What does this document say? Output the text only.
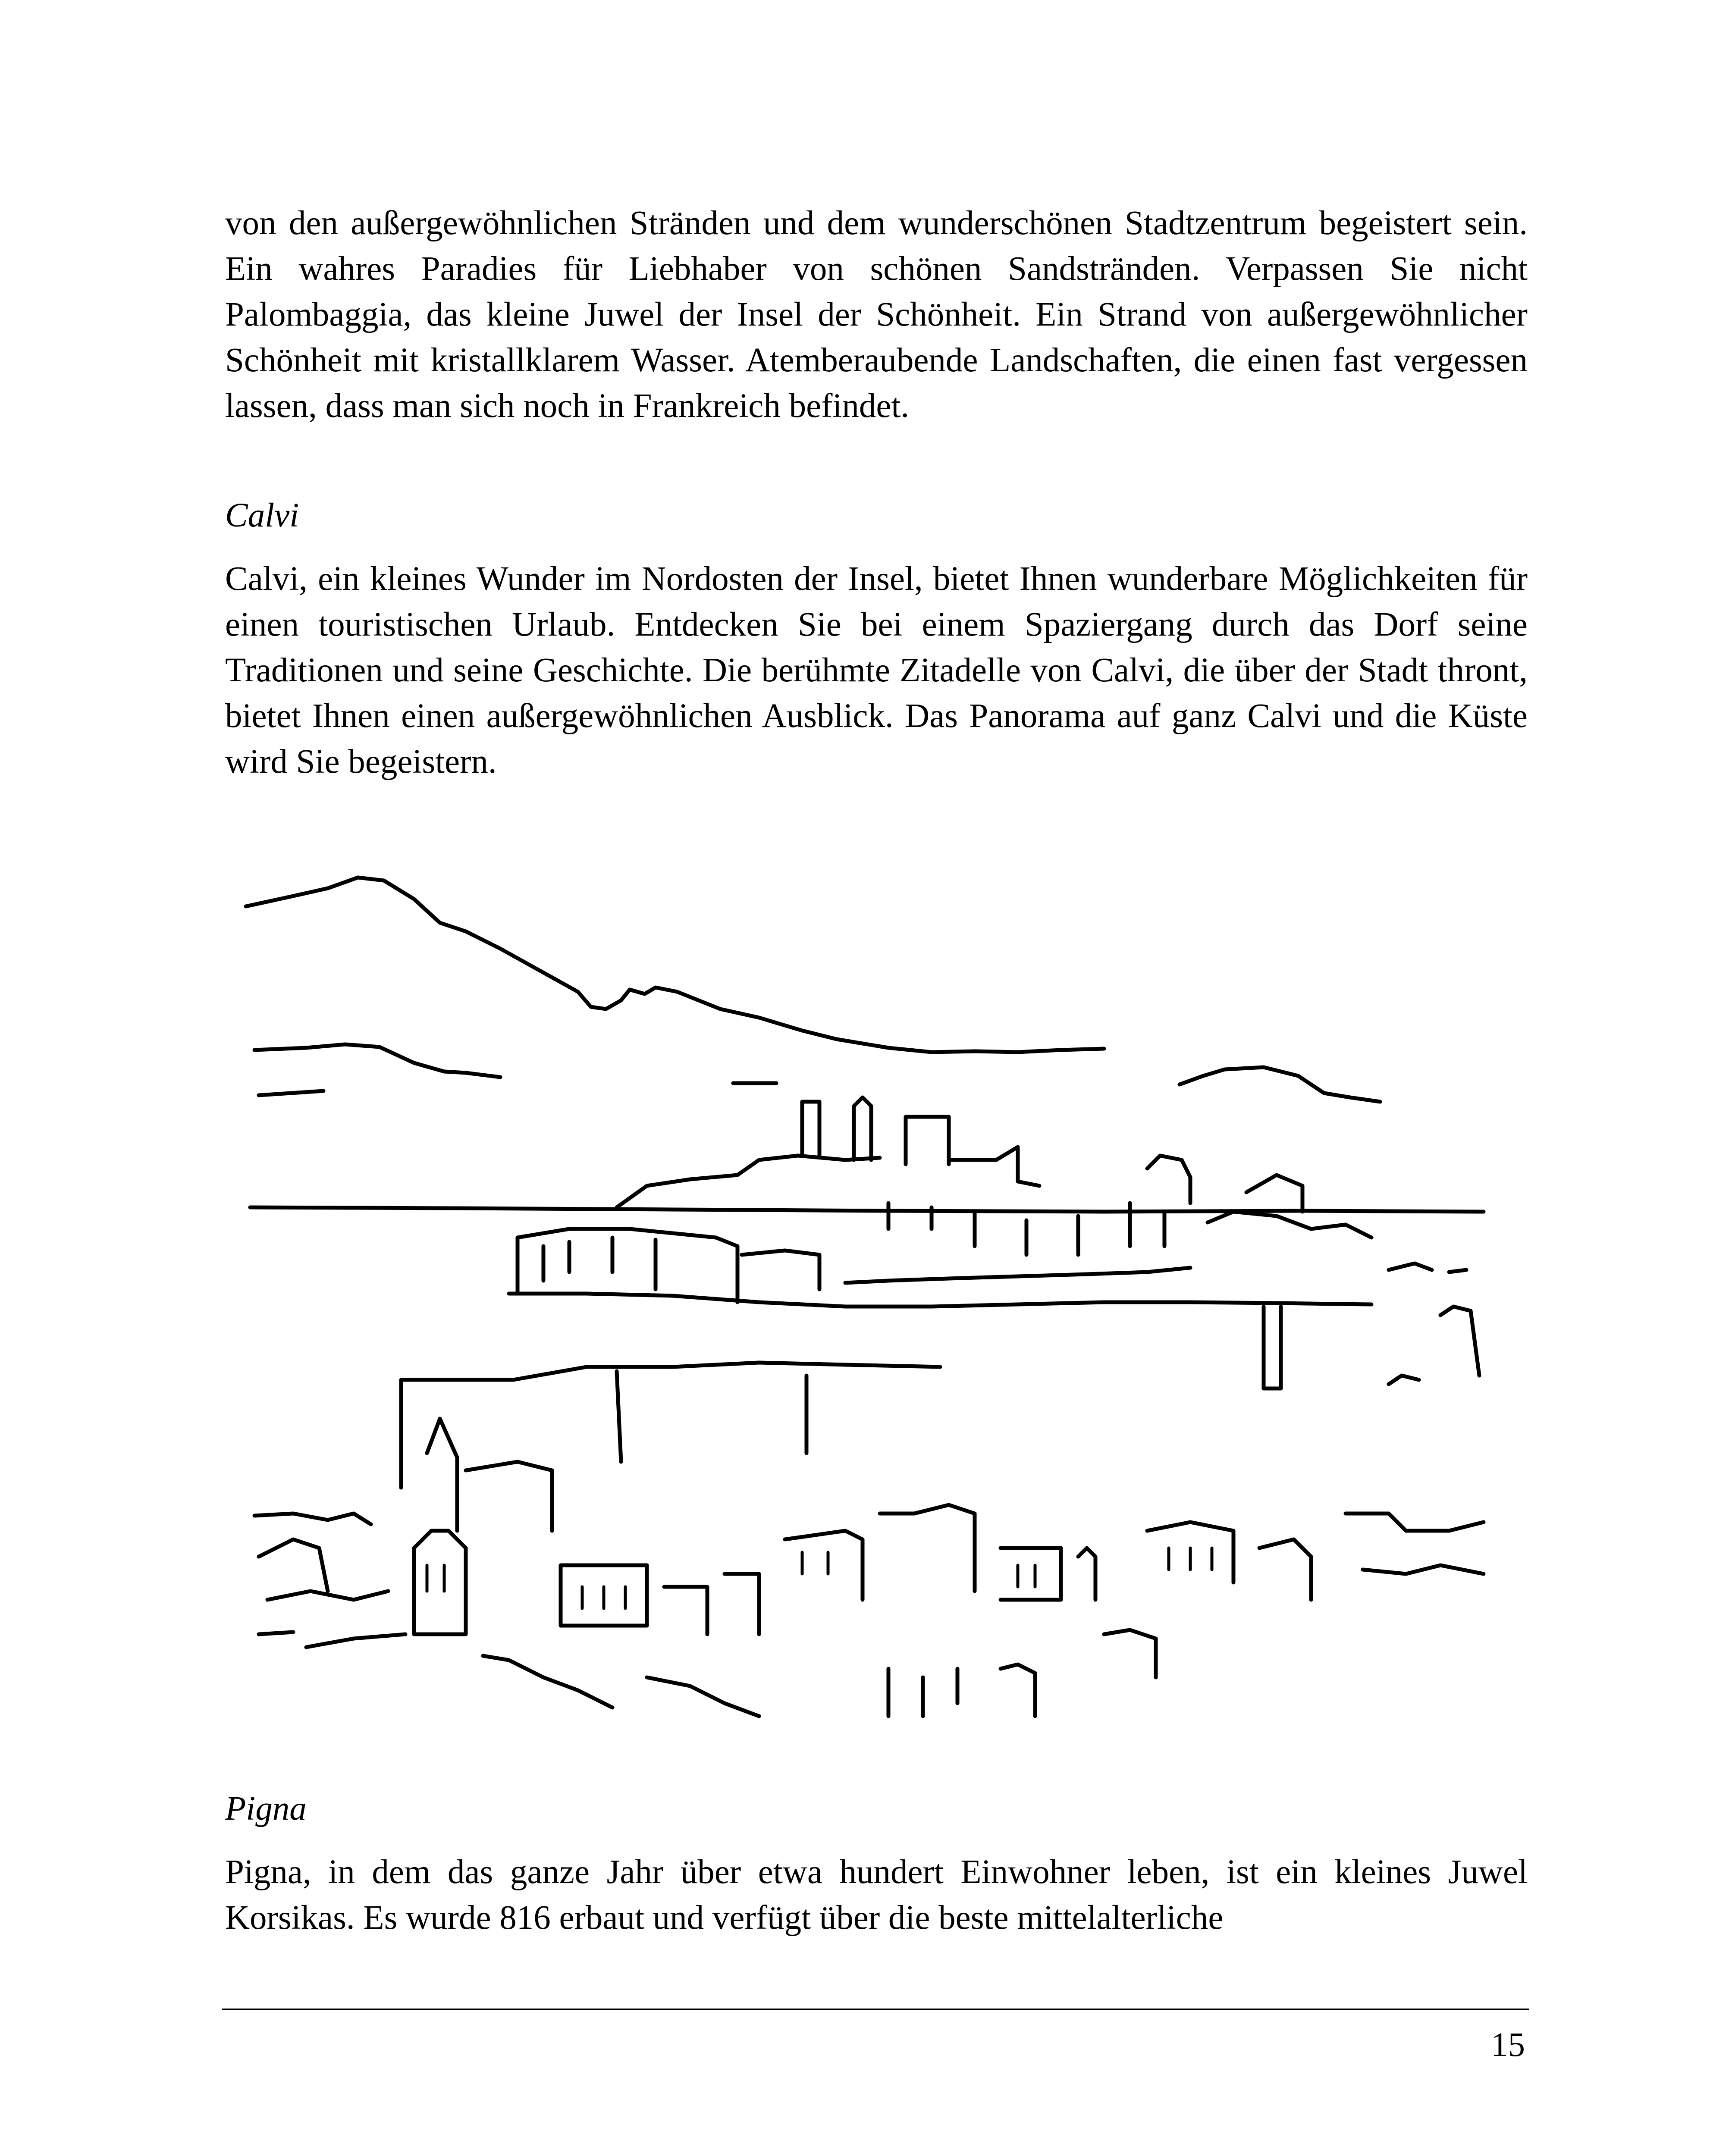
von den außergewöhnlichen Stränden und dem wunderschönen Stadtzentrum begeistert sein. Ein wahres Paradies für Liebhaber von schönen Sandstränden. Verpassen Sie nicht Palombaggia, das kleine Juwel der Insel der Schönheit. Ein Strand von außergewöhnlicher Schönheit mit kristallklarem Wasser. Atemberaubende Landschaften, die einen fast vergessen lassen, dass man sich noch in Frankreich befindet.

Calvi

Calvi, ein kleines Wunder im Nordosten der Insel, bietet Ihnen wunderbare Möglichkeiten für einen touristischen Urlaub. Entdecken Sie bei einem Spaziergang durch das Dorf seine Traditionen und seine Geschichte. Die berühmte Zitadelle von Calvi, die über der Stadt thront, bietet Ihnen einen außergewöhnlichen Ausblick. Das Panorama auf ganz Calvi und die Küste wird Sie begeistern.

Pigna

Pigna, in dem das ganze Jahr über etwa hundert Einwohner leben, ist ein kleines Juwel Korsikas. Es wurde 816 erbaut und verfügt über die beste mittelalterliche

15
